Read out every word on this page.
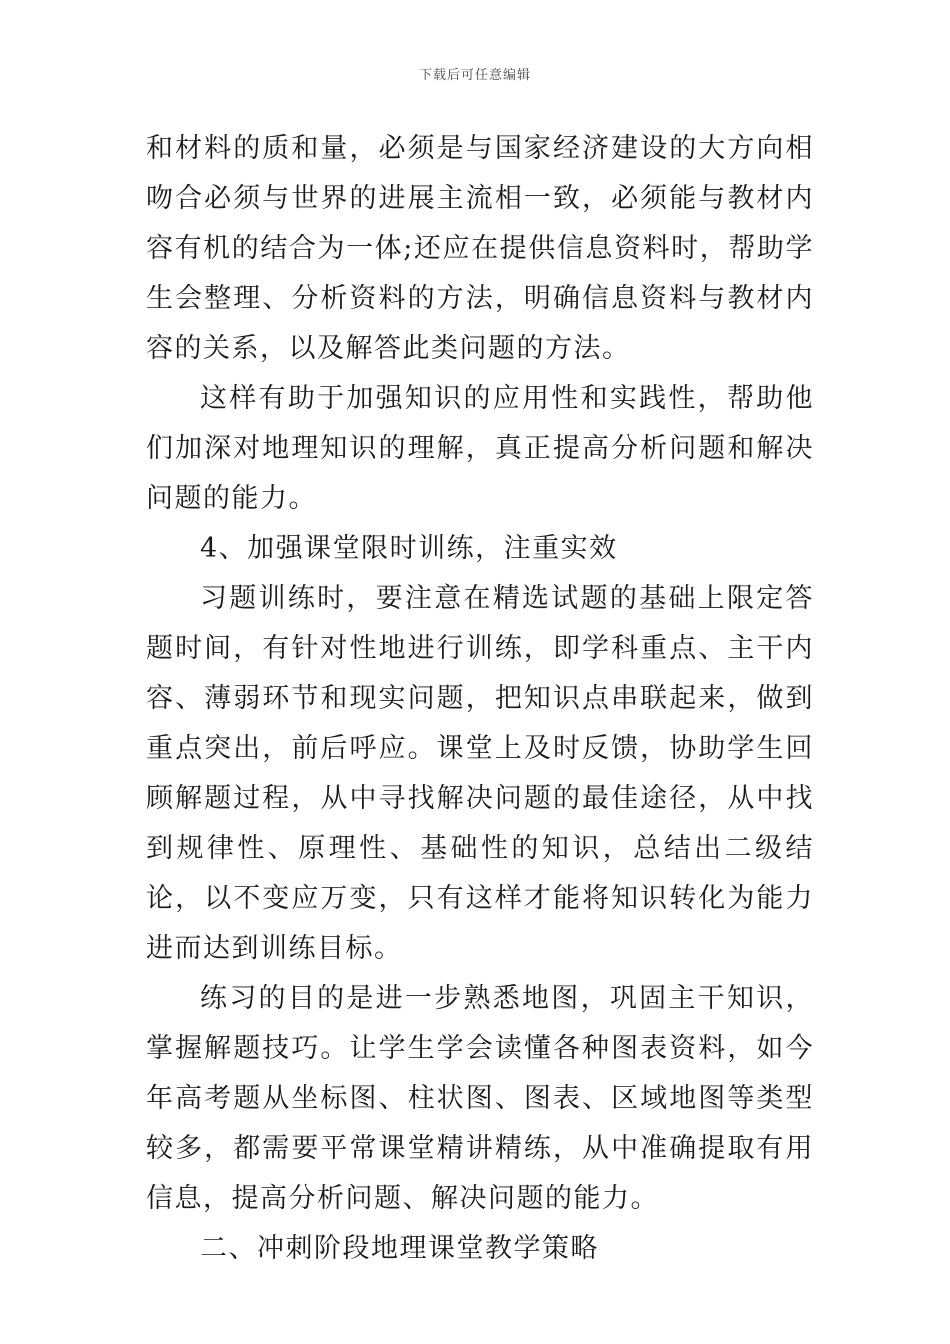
下载后可任意编辑

和材料的质和量，必须是与国家经济建设的大方向相吻合必须与世界的进展主流相一致，必须能与教材内容有机的结合为一体;还应在提供信息资料时，帮助学生会整理、分析资料的方法，明确信息资料与教材内容的关系，以及解答此类问题的方法。

这样有助于加强知识的应用性和实践性，帮助他们加深对地理知识的理解，真正提高分析问题和解决问题的能力。

4、加强课堂限时训练，注重实效

习题训练时，要注意在精选试题的基础上限定答题时间，有针对性地进行训练，即学科重点、主干内容、薄弱环节和现实问题，把知识点串联起来，做到重点突出，前后呼应。课堂上及时反馈，协助学生回顾解题过程，从中寻找解决问题的最佳途径，从中找到规律性、原理性、基础性的知识，总结出二级结论，以不变应万变，只有这样才能将知识转化为能力进而达到训练目标。

练习的目的是进一步熟悉地图，巩固主干知识，掌握解题技巧。让学生学会读懂各种图表资料，如今年高考题从坐标图、柱状图、图表、区域地图等类型较多，都需要平常课堂精讲精练，从中准确提取有用信息，提高分析问题、解决问题的能力。

二、冲刺阶段地理课堂教学策略
